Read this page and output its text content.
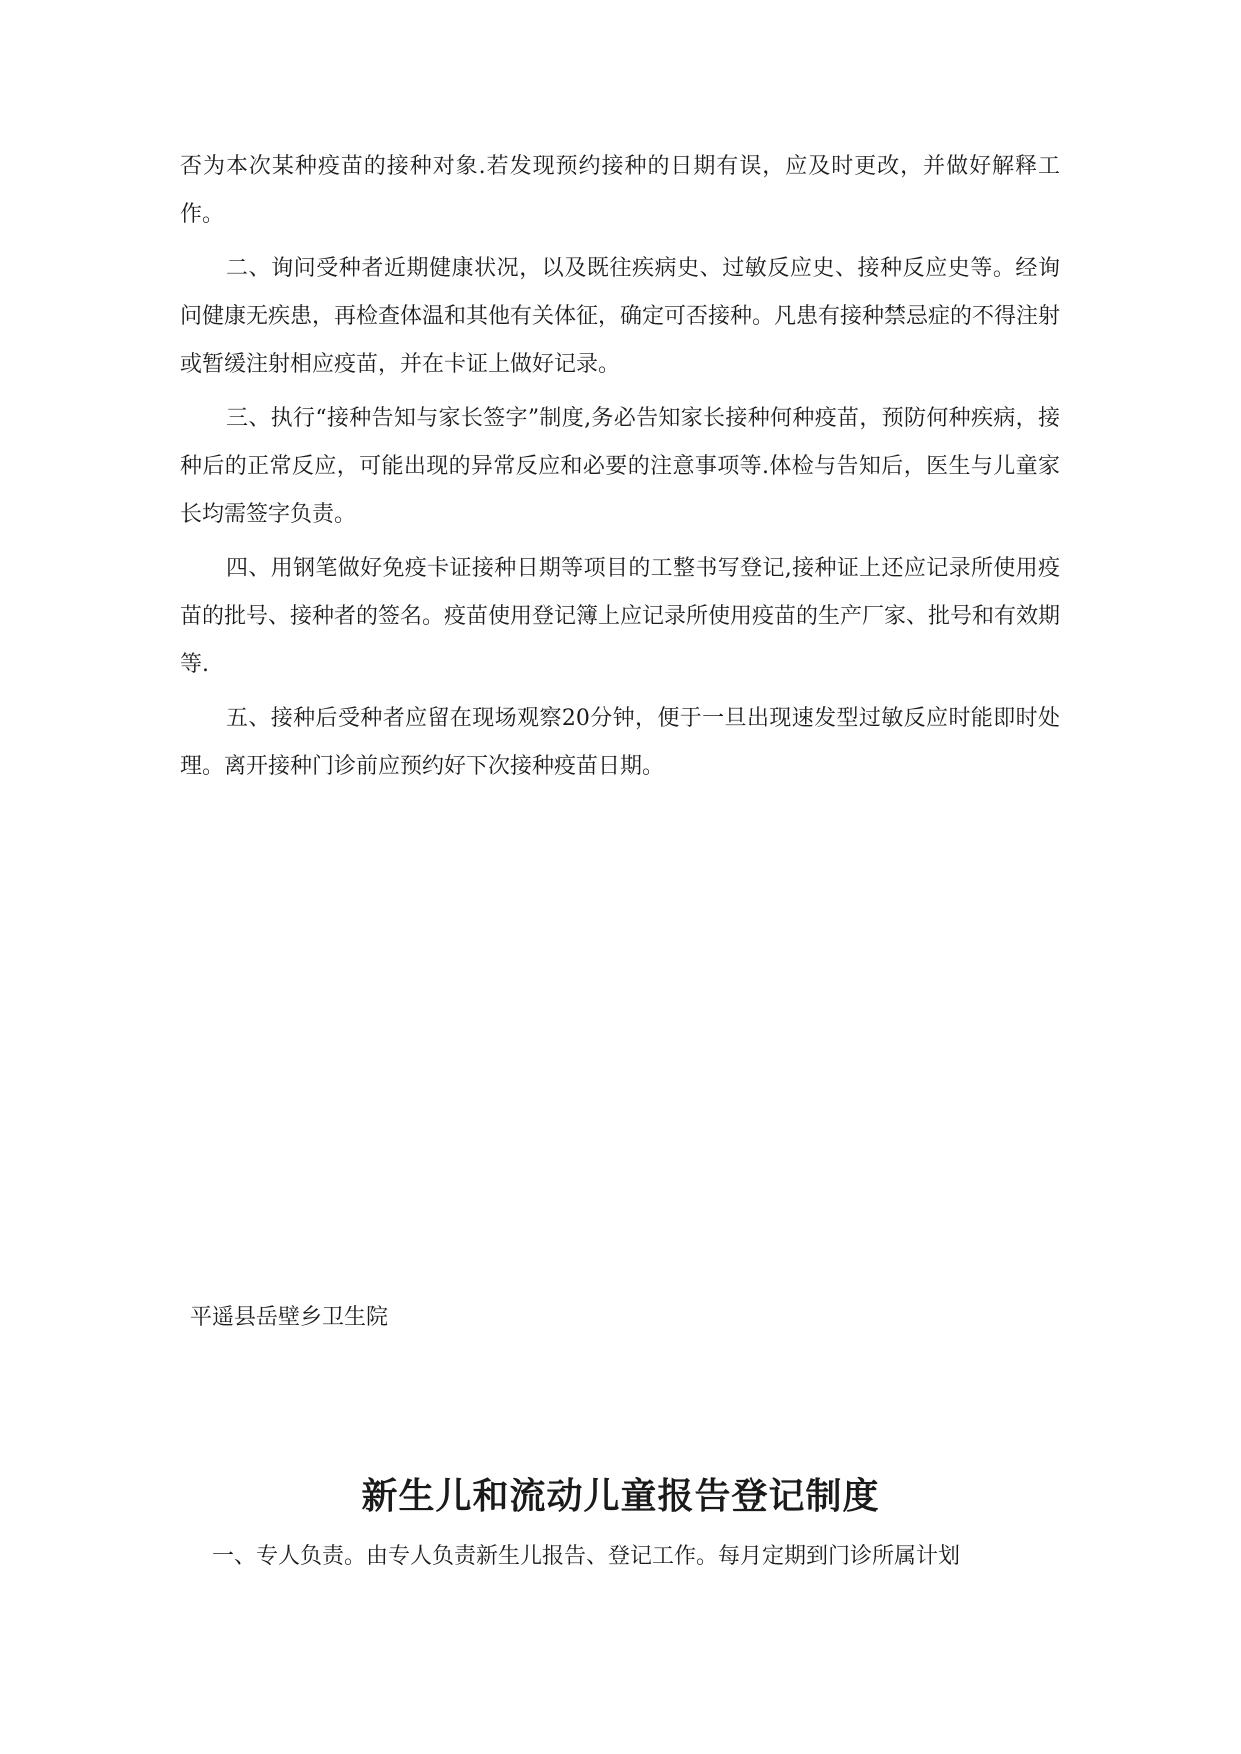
否为本次某种疫苗的接种对象.若发现预约接种的日期有误，应及时更改，并做好解释工作。

二、询问受种者近期健康状况，以及既往疾病史、过敏反应史、接种反应史等。经询问健康无疾患，再检查体温和其他有关体征，确定可否接种。凡患有接种禁忌症的不得注射或暂缓注射相应疫苗，并在卡证上做好记录。

三、执行“接种告知与家长签字”制度,务必告知家长接种何种疫苗，预防何种疾病，接种后的正常反应，可能出现的异常反应和必要的注意事项等.体检与告知后，医生与儿童家长均需签字负责。

四、用钢笔做好免疫卡证接种日期等项目的工整书写登记,接种证上还应记录所使用疫苗的批号、接种者的签名。疫苗使用登记簿上应记录所使用疫苗的生产厂家、批号和有效期等.

五、接种后受种者应留在现场观察20分钟，便于一旦出现速发型过敏反应时能即时处理。离开接种门诊前应预约好下次接种疫苗日期。

平遥县岳壁乡卫生院

新生儿和流动儿童报告登记制度

一、专人负责。由专人负责新生儿报告、登记工作。每月定期到门诊所属计划
